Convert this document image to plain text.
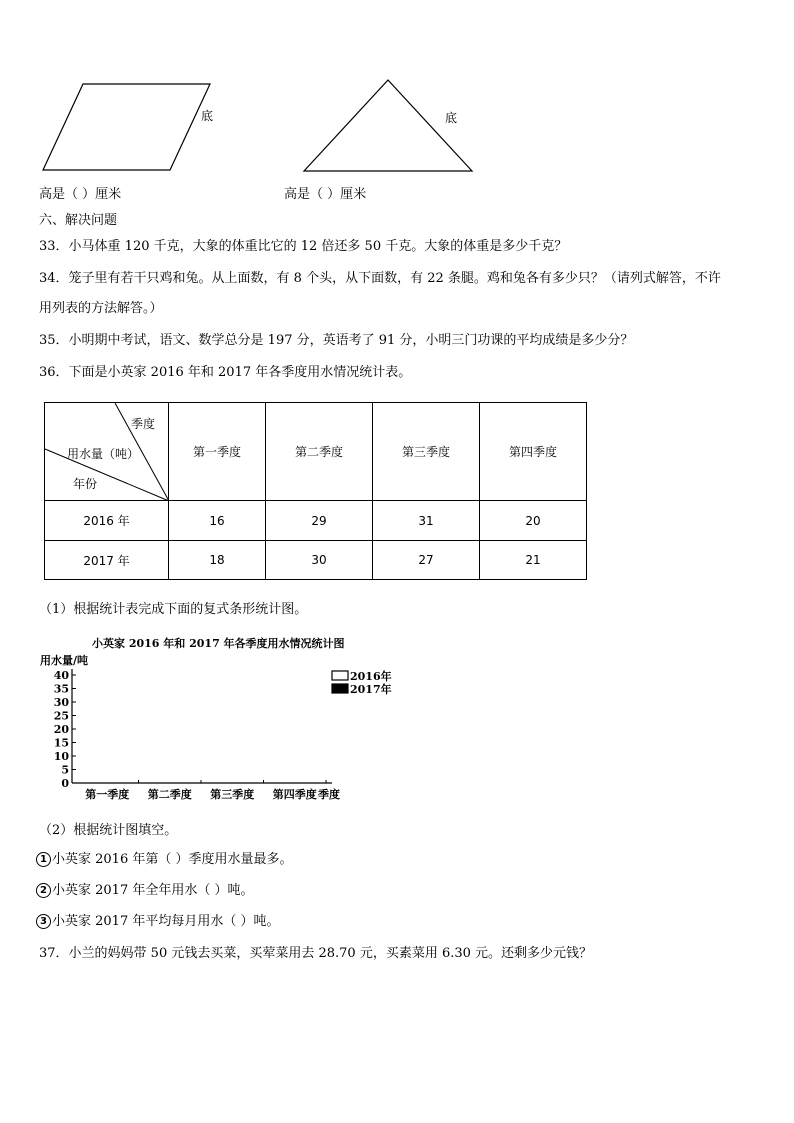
底	底
高是（ ）厘米	高是（ ）厘米
六、解决问题
33．小马体重 120 千克，大象的体重比它的 12 倍还多 50 千克。大象的体重是多少千克？
34．笼子里有若干只鸡和兔。从上面数，有 8 个头，从下面数，有 22 条腿。鸡和兔各有多少只？（请列式解答，不许
用列表的方法解答。）
35．小明期中考试，语文、数学总分是 197 分，英语考了 91 分，小明三门功课的平均成绩是多少分？
36．下面是小英家 2016 年和 2017 年各季度用水情况统计表。
季度
用水量（吨）
年份	第一季度	第二季度	第三季度	第四季度
2016 年	16	29	31	20
2017 年	18	30	27	21
（1）根据统计表完成下面的复式条形统计图。
小英家 2016 年和 2017 年各季度用水情况统计图
用水量/吨
季度
0
5
10
15
20
25
30
35
40
第一季度 第二季度 第三季度 第四季度
2016年
2017年
（2）根据统计图填空。
1 小英家 2016 年第（ ）季度用水量最多。
2 小英家 2017 年全年用水（ ）吨。
3 小英家 2017 年平均每月用水（ ）吨。
37．小兰的妈妈带 50 元钱去买菜，买荤菜用去 28.70 元，买素菜用 6.30 元。还剩多少元钱？
